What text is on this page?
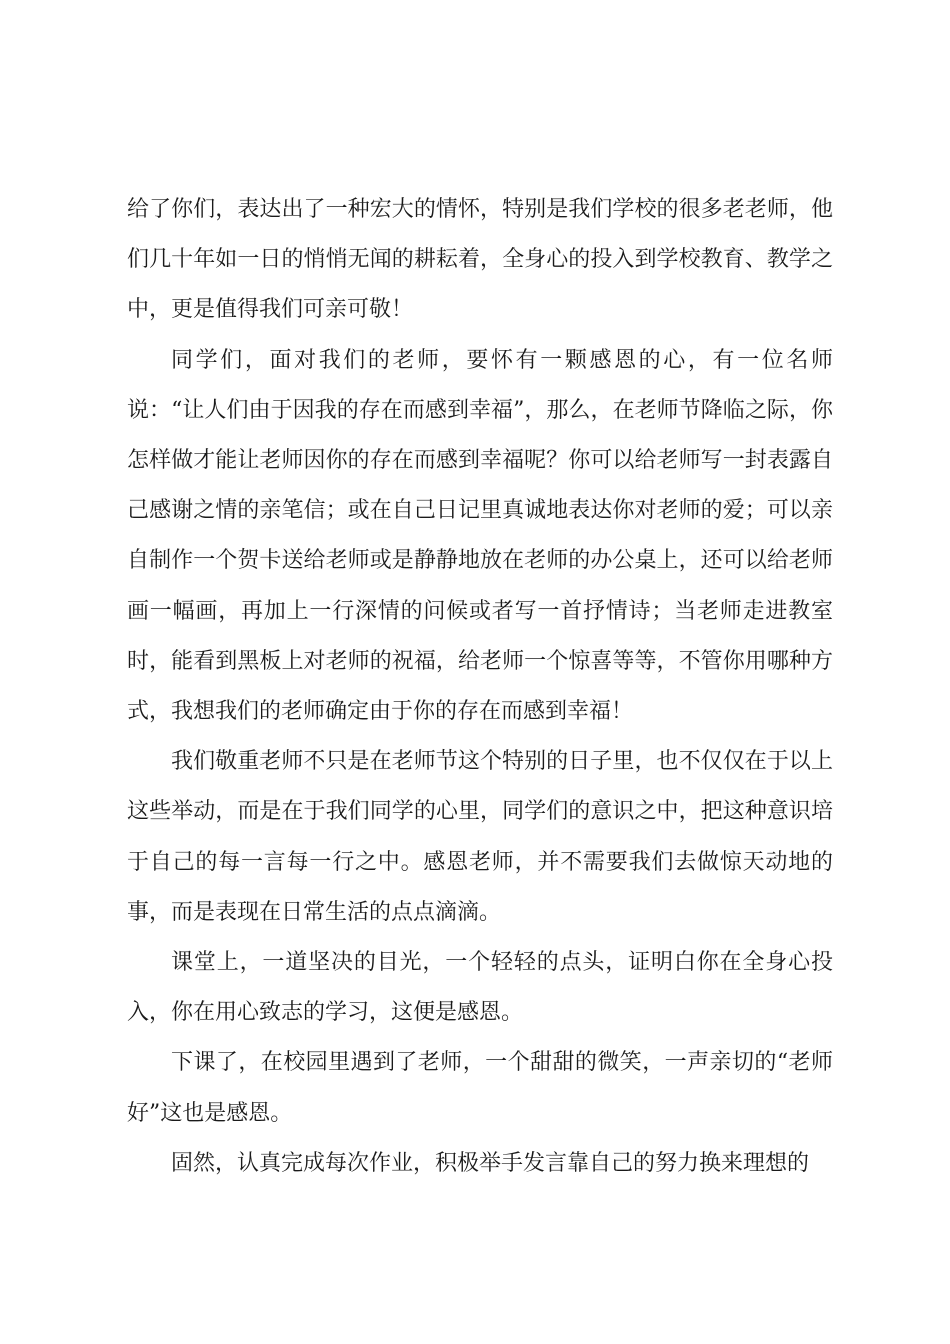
给了你们，表达出了一种宏大的情怀，特别是我们学校的很多老老师，他们几十年如一日的悄悄无闻的耕耘着，全身心的投入到学校教育、教学之中，更是值得我们可亲可敬！

同学们，面对我们的老师，要怀有一颗感恩的心，有一位名师说：“让人们由于因我的存在而感到幸福”，那么，在老师节降临之际，你怎样做才能让老师因你的存在而感到幸福呢？你可以给老师写一封表露自己感谢之情的亲笔信；或在自己日记里真诚地表达你对老师的爱；可以亲自制作一个贺卡送给老师或是静静地放在老师的办公桌上，还可以给老师画一幅画，再加上一行深情的问候或者写一首抒情诗；当老师走进教室时，能看到黑板上对老师的祝福，给老师一个惊喜等等，不管你用哪种方式，我想我们的老师确定由于你的存在而感到幸福！

我们敬重老师不只是在老师节这个特别的日子里，也不仅仅在于以上这些举动，而是在于我们同学的心里，同学们的意识之中，把这种意识培于自己的每一言每一行之中。感恩老师，并不需要我们去做惊天动地的事，而是表现在日常生活的点点滴滴。

课堂上，一道坚决的目光，一个轻轻的点头，证明白你在全身心投入，你在用心致志的学习，这便是感恩。

下课了，在校园里遇到了老师，一个甜甜的微笑，一声亲切的“老师好”这也是感恩。

固然，认真完成每次作业，积极举手发言靠自己的努力换来理想的
